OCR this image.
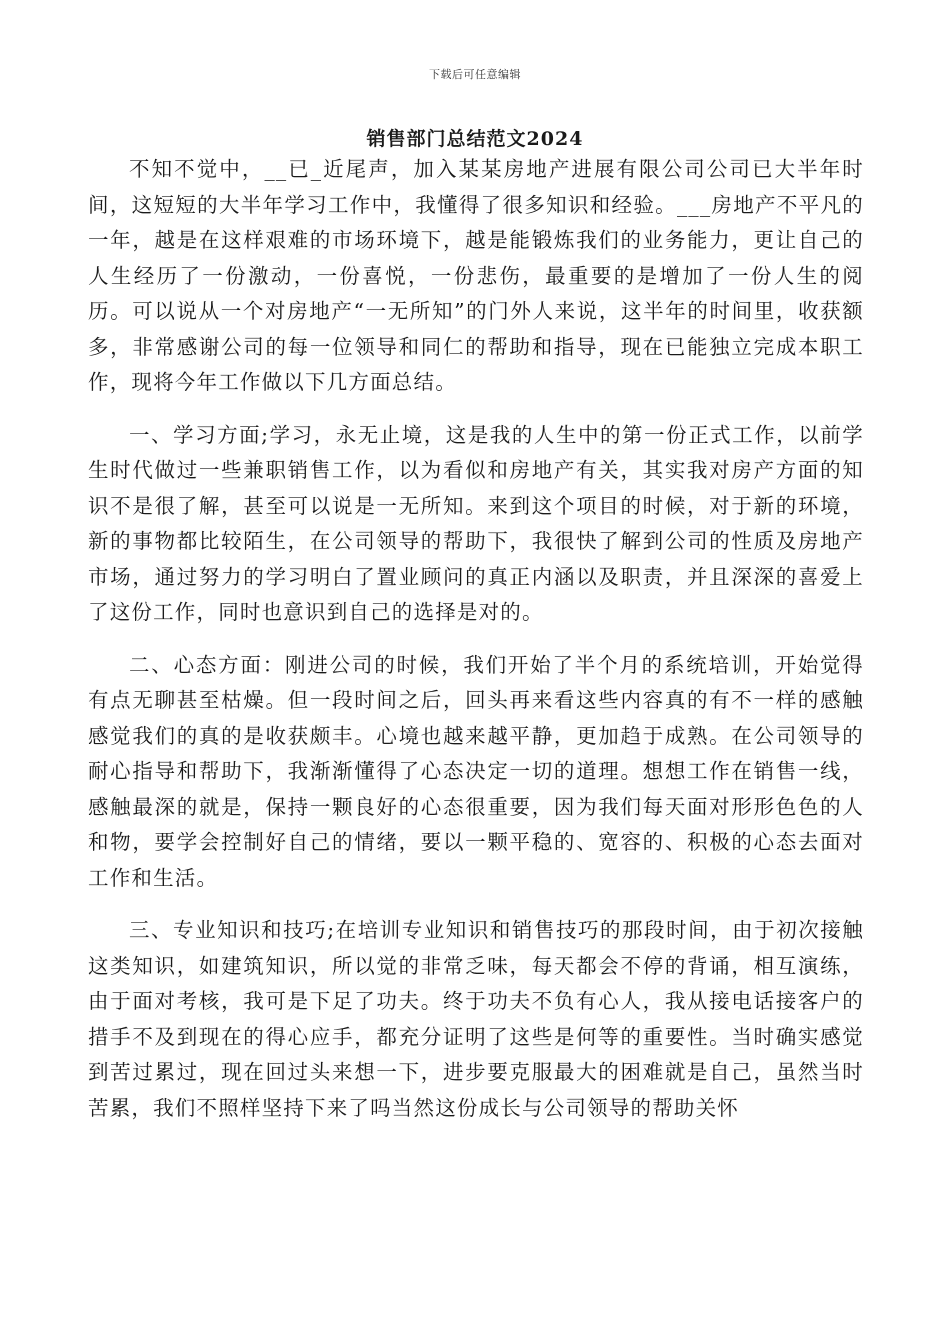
下载后可任意编辑
销售部门总结范文2024

不知不觉中，__已_近尾声，加入某某房地产进展有限公司公司已大半年时间，这短短的大半年学习工作中，我懂得了很多知识和经验。___房地产不平凡的一年，越是在这样艰难的市场环境下，越是能锻炼我们的业务能力，更让自己的人生经历了一份激动，一份喜悦，一份悲伤，最重要的是增加了一份人生的阅历。可以说从一个对房地产“一无所知”的门外人来说，这半年的时间里，收获额多，非常感谢公司的每一位领导和同仁的帮助和指导，现在已能独立完成本职工作，现将今年工作做以下几方面总结。

一、学习方面;学习，永无止境，这是我的人生中的第一份正式工作，以前学生时代做过一些兼职销售工作，以为看似和房地产有关，其实我对房产方面的知识不是很了解，甚至可以说是一无所知。来到这个项目的时候，对于新的环境，新的事物都比较陌生，在公司领导的帮助下，我很快了解到公司的性质及房地产市场，通过努力的学习明白了置业顾问的真正内涵以及职责，并且深深的喜爱上了这份工作，同时也意识到自己的选择是对的。

二、心态方面：刚进公司的时候，我们开始了半个月的系统培训，开始觉得有点无聊甚至枯燥。但一段时间之后，回头再来看这些内容真的有不一样的感触感觉我们的真的是收获颇丰。心境也越来越平静，更加趋于成熟。在公司领导的耐心指导和帮助下，我渐渐懂得了心态决定一切的道理。想想工作在销售一线，感触最深的就是，保持一颗良好的心态很重要，因为我们每天面对形形色色的人和物，要学会控制好自己的情绪，要以一颗平稳的、宽容的、积极的心态去面对工作和生活。

三、专业知识和技巧;在培训专业知识和销售技巧的那段时间，由于初次接触这类知识，如建筑知识，所以觉的非常乏味，每天都会不停的背诵，相互演练，由于面对考核，我可是下足了功夫。终于功夫不负有心人，我从接电话接客户的措手不及到现在的得心应手，都充分证明了这些是何等的重要性。当时确实感觉到苦过累过，现在回过头来想一下，进步要克服最大的困难就是自己，虽然当时苦累，我们不照样坚持下来了吗当然这份成长与公司领导的帮助关怀
